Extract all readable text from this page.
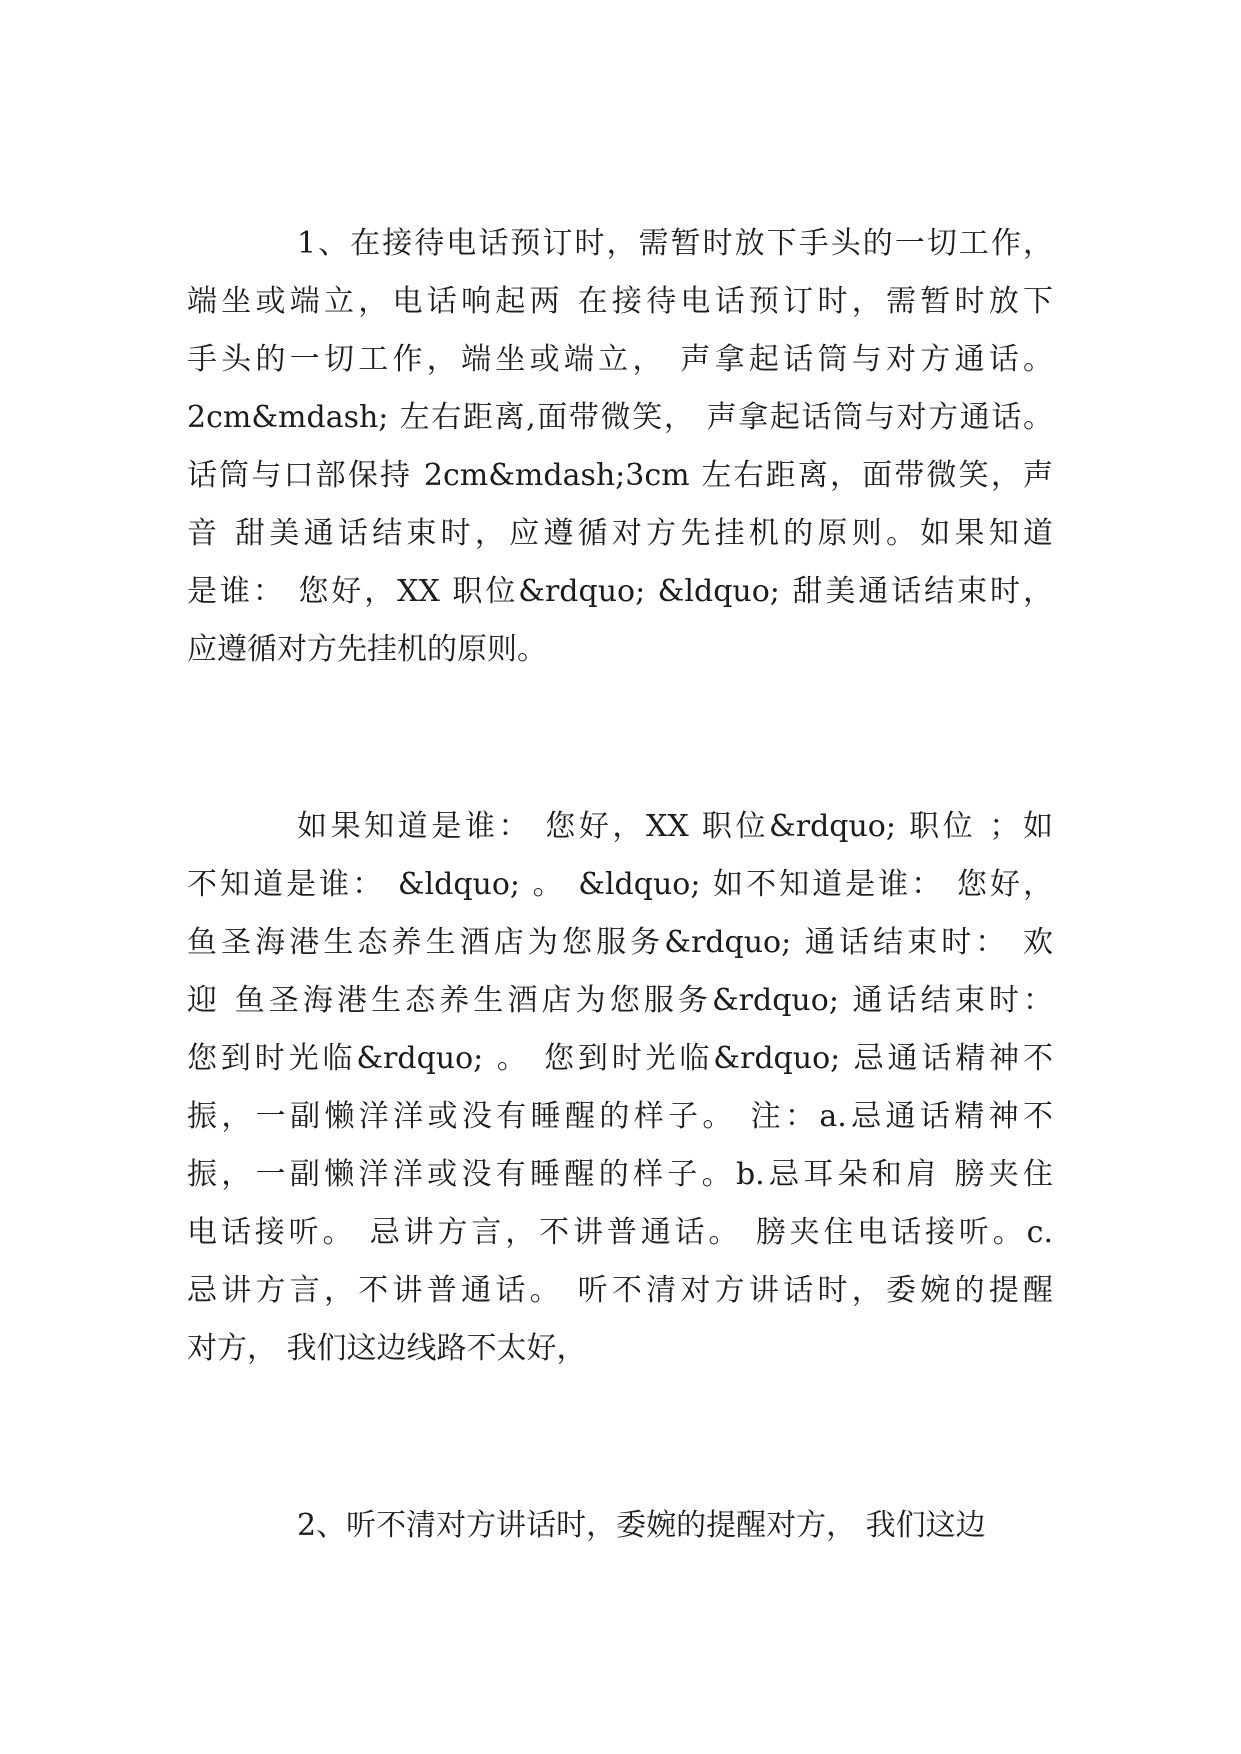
1、在接待电话预订时，需暂时放下手头的一切工作，
端坐或端立，电话响起两 在接待电话预订时，需暂时放下
手头的一切工作，端坐或端立， 声拿起话筒与对方通话。
2cm&mdash; 左右距离,面带微笑， 声拿起话筒与对方通话。
话筒与口部保持 2cm&mdash;3cm 左右距离，面带微笑，声
音 甜美通话结束时，应遵循对方先挂机的原则。如果知道
是谁： 您好，XX 职位&rdquo; &ldquo; 甜美通话结束时，
应遵循对方先挂机的原则。
如果知道是谁： 您好，XX 职位&rdquo; 职位 ；如
不知道是谁： &ldquo; 。 &ldquo; 如不知道是谁： 您好，
鱼圣海港生态养生酒店为您服务&rdquo; 通话结束时： 欢
迎 鱼圣海港生态养生酒店为您服务&rdquo; 通话结束时：
您到时光临&rdquo; 。 您到时光临&rdquo; 忌通话精神不
振，一副懒洋洋或没有睡醒的样子。 注：a.忌通话精神不
振，一副懒洋洋或没有睡醒的样子。b.忌耳朵和肩 膀夹住
电话接听。 忌讲方言，不讲普通话。 膀夹住电话接听。c.
忌讲方言，不讲普通话。 听不清对方讲话时，委婉的提醒
对方， 我们这边线路不太好，
2、听不清对方讲话时，委婉的提醒对方， 我们这边
